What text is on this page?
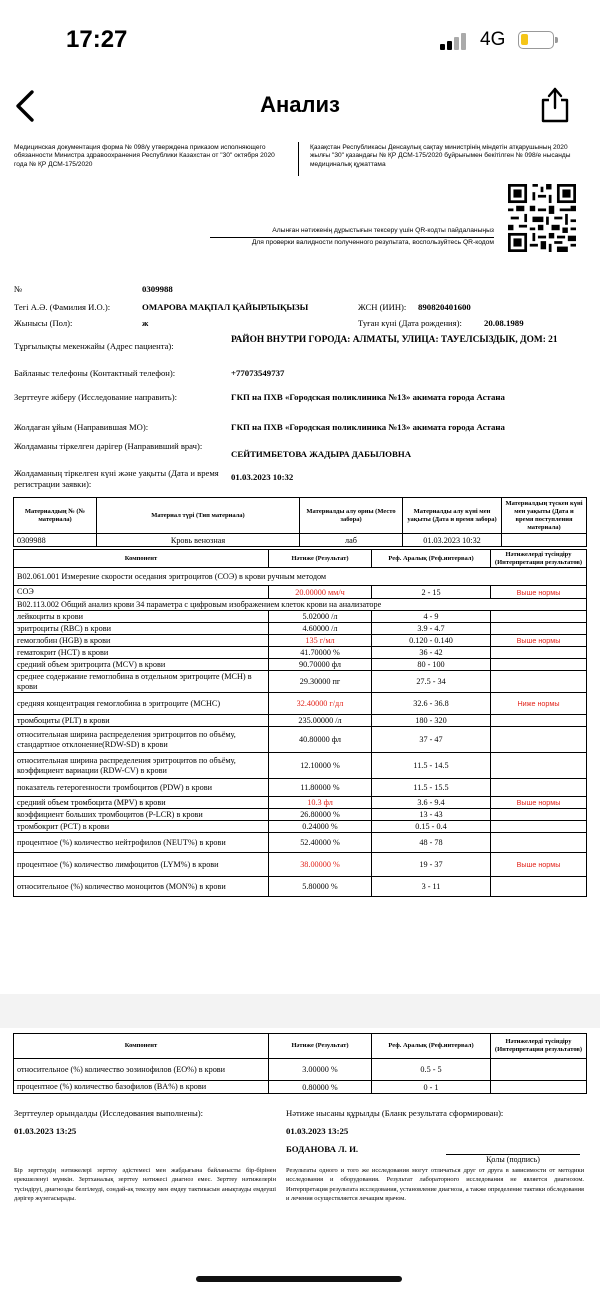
17:27	4G
Анализ
Медицинская документация форма № 098/у утверждена приказом исполняющего обязанности Министра здравоохранения Республики Казахстан от "30" октября 2020 года № ҚР ДСМ-175/2020
Қазақстан Республикасы Денсаулық сақтау министрінің міндетін атқарушының 2020 жылғы "30" қазандағы № ҚР ДСМ-175/2020 бұйрығымен бекітілген № 098/е нысанды медициналық құжаттама
Алынған нәтиженің дұрыстығын тексеру үшін QR-кодты пайдаланыңыз
Для проверки валидности полученного результата, воспользуйтесь QR-кодом
№	0309988
Тегі А.Ә. (Фамилия И.О.):	ОМАРОВА МАҚПАЛ ҚАЙЫРЛЫҚЫЗЫ	ЖСН (ИИН): 890820401600
Жынысы (Пол):	ж	Туған күні (Дата рождения):	20.08.1989
Тұрғылықты мекенжайы (Адрес пациента):
РАЙОН ВНУТРИ ГОРОДА: АЛМАТЫ, УЛИЦА: ТАУЕЛСЫЗДЫК, ДОМ: 21
Байланыс телефоны (Контактный телефон):	+77073549737
Зерттеуге жіберу (Исследование направить):	ГКП на ПХВ «Городская поликлиника №13» акимата города Астана
Жолдаған ұйым (Направившая МО):	ГКП на ПХВ «Городская поликлиника №13» акимата города Астана
Жолдаманы тіркелген дәрігер (Направивший врач):
СЕЙТИМБЕТОВА ЖАДЫРА ДАБЫЛОВНА
Жолдаманың тіркелген күні және уақыты (Дата и время регистрации заявки):
01.03.2023 10:32
Материалдың № (№ материала)	Материал түрі (Тип материала)	Материалды алу орны (Место забора)	Материалды алу күні мен уақыты (Дата и время забора)	Материалдың түскен күні мен уақыты (Дата и время поступления материала)
0309988	Кровь венозная	лаб	01.03.2023 10:32	
Компонент	Нәтиже (Результат)	Реф. Аралық (Реф.интервал)	Нәтижелерді түсіндіру (Интерпретация результатов)
B02.061.001 Измерение скорости оседания эритроцитов (СОЭ) в крови ручным методом			
СОЭ	20.00000 мм/ч	2 - 15	Выше нормы
B02.113.002 Общий анализ крови 34 параметра с цифровым изображением клеток крови на анализаторе			
лейкоциты в крови	5.02000 /л	4 - 9	
эритроциты (RBC) в крови	4.60000 /л	3.9 - 4.7	
гемоглобин (HGB) в крови	135 г/мл	0.120 - 0.140	Выше нормы
гематокрит (HCT) в крови	41.70000 %	36 - 42	
средний объем эритроцита (MCV) в крови	90.70000 фл	80 - 100	
среднее содержание гемоглобина в отдельном эритроците (MCH) в крови	29.30000 пг	27.5 - 34	
средняя концентрация гемоглобина в эритроците (MCHC)	32.40000 г/дл	32.6 - 36.8	Ниже нормы
тромбоциты (PLT) в крови	235.00000 /л	180 - 320	
относительная ширина распределения эритроцитов по объёму, стандартное отклонение(RDW-SD) в крови	40.80000 фл	37 - 47	
относительная ширина распределения эритроцитов по объёму, коэффициент вариации (RDW-CV) в крови	12.10000 %	11.5 - 14.5	
показатель гетерогенности тромбоцитов (PDW) в крови	11.80000 %	11.5 - 15.5	
средний объем тромбоцита (MPV) в крови	10.3 фл	3.6 - 9.4	Выше нормы
коэффициент больших тромбоцитов (P-LCR) в крови	26.80000 %	13 - 43	
тромбокрит (PCT) в крови	0.24000 %	0.15 - 0.4	
процентное (%) количество нейтрофилов (NEUT%) в крови	52.40000 %	48 - 78	
процентное (%) количество лимфоцитов (LYM%) в крови	38.00000 %	19 - 37	Выше нормы
относительное (%) количество моноцитов (MON%) в крови	5.80000 %	3 - 11	
Компонент	Нәтиже (Результат)	Реф. Аралық (Реф.интервал)	Нәтижелерді түсіндіру (Интерпретация результатов)
относительное (%) количество эозинофилов (EO%) в крови	3.00000 %	0.5 - 5	
процентное (%) количество базофилов (BA%) в крови	0.80000 %	0 - 1	
Зерттеулер орындалды (Исследования выполнены):
01.03.2023 13:25
Нәтиже нысаны құрылды (Бланк результата сформирован):
01.03.2023 13:25
БОДАНОВА Л. И.
Қолы (подпись)
Бір зерттеудің нәтижелері зерттеу әдістемесі мен жабдығына байланысты бір-бірінен ерекшеленуі мүмкін. Зертханалық зерттеу нәтижесі диагноз емес. Зерттеу нәтижелерін түсіндіруі, диагнозды белгілеуді, сондай-ақ тексеру мен емдеу тактикасын анықтауды емдеуші дәрігер жүзегасырады.
Результаты одного и того же исследования могут отличаться друг от друга в зависимости от методики исследования и оборудования. Результат лабораторного исследования не является диагнозом. Интерпретация результата исследования, установление диагноза, а также определение тактики обследования и лечения осуществляется лечащим врачом.
